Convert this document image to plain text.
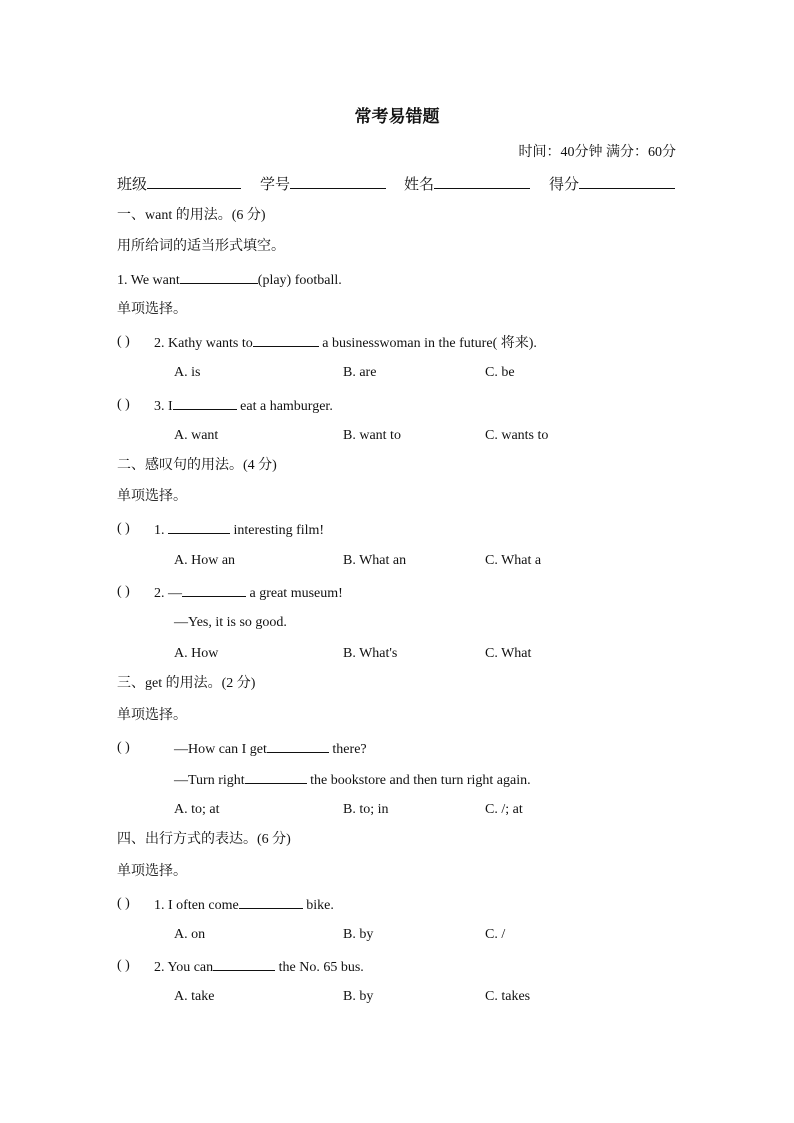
常考易错题
时间：40分钟 满分：60分
班级	学号	姓名	得分
一、want 的用法。(6 分)
用所给词的适当形式填空。
1. We want	(play) football.
单项选择。
( ) 2. Kathy wants to	a businesswoman in the future( 将来).
A. is	B. are	C. be
( ) 3. I	eat a hamburger.
A. want	B. want to	C. wants to
二、感叹句的用法。(4 分)
单项选择。
( ) 1.	interesting film!
A. How an	B. What an	C. What a
( ) 2. —	a great museum!
—Yes, it is so good.
A. How	B. What's	C. What
三、get 的用法。(2 分)
单项选择。
( )	—How can I get	there?
—Turn right	the bookstore and then turn right again.
A. to; at	B. to; in	C. /; at
四、出行方式的表达。(6 分)
单项选择。
( ) 1. I often come	bike.
A. on	B. by	C. /
( ) 2. You can	the No. 65 bus.
A. take	B. by	C. takes
